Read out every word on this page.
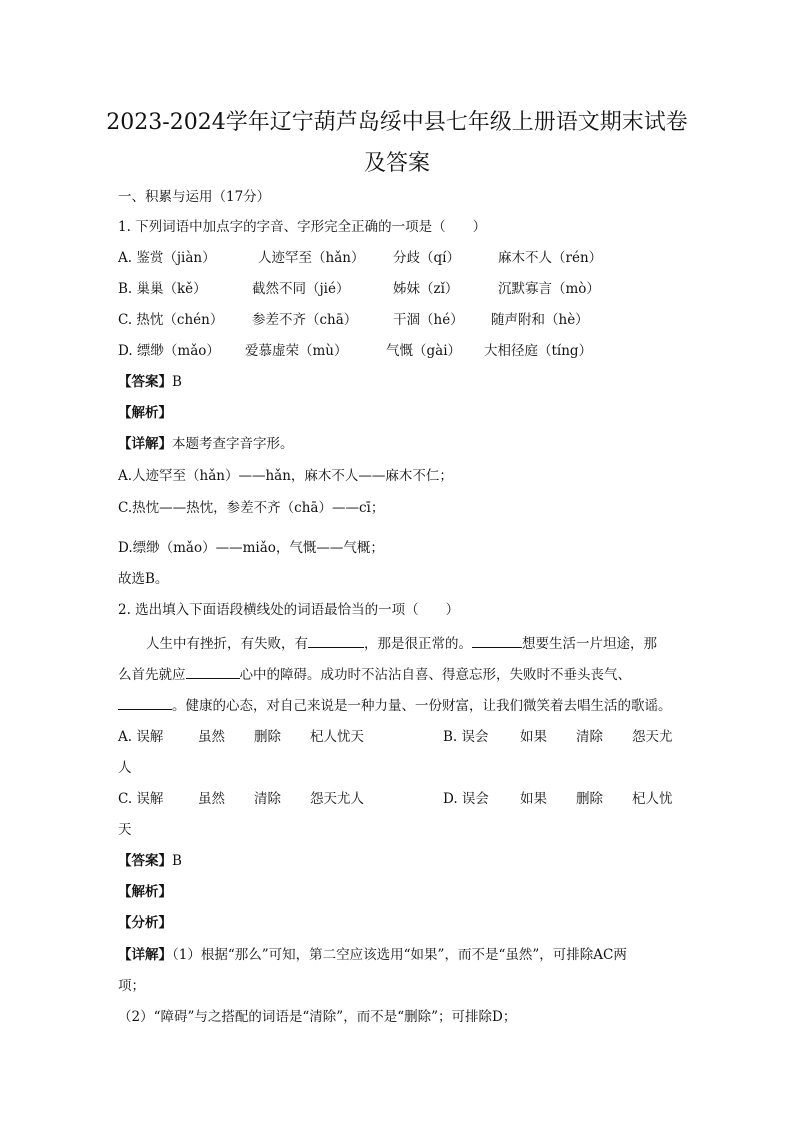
2023-2024学年辽宁葫芦岛绥中县七年级上册语文期末试卷
及答案
一、积累与运用（17分）
1. 下列词语中加点字的字音、字形完全正确的一项是（　　）
A. 鉴赏（jiàn）	人迹罕至（hǎn） 分歧（qí）	麻木不人（rén）
B. 巢巢（kě）	截然不同（jié）	姊妹（zǐ）	沉默寡言（mò）
C. 热忱（chén） 参差不齐（chā）	干涸（hé） 随声附和（hè）
D. 缥缈（mǎo） 爱慕虚荣（mù）	气慨（gài） 大相径庭（tíng）
【答案】B
【解析】
【详解】本题考查字音字形。
A.人迹罕至（hǎn）——hǎn，麻木不人——麻木不仁；
C.热忱——热忱，参差不齐（chā）——cī；
D.缥缈（mǎo）——miǎo，气慨——气概；
故选B。
2. 选出填入下面语段横线处的词语最恰当的一项（　　）
人生中有挫折，有失败，有	，那是很正常的。	想要生活一片坦途，那
么首先就应	心中的障碍。成功时不沾沾自喜、得意忘形，失败时不垂头丧气、
。健康的心态，对自己来说是一种力量、一份财富，让我们微笑着去唱生活的歌谣。
A. 误解	虽然 删除 杞人忧天	B. 误会 如果 清除 怨天尤
人
C. 误解	虽然 清除 怨天尤人	D. 误会 如果 删除 杞人忧
天
【答案】B
【解析】
【分析】
【详解】（1）根据“那么”可知，第二空应该选用“如果”，而不是“虽然”，可排除AC两
项；
（2）“障碍”与之搭配的词语是“清除”，而不是“删除”；可排除D；
